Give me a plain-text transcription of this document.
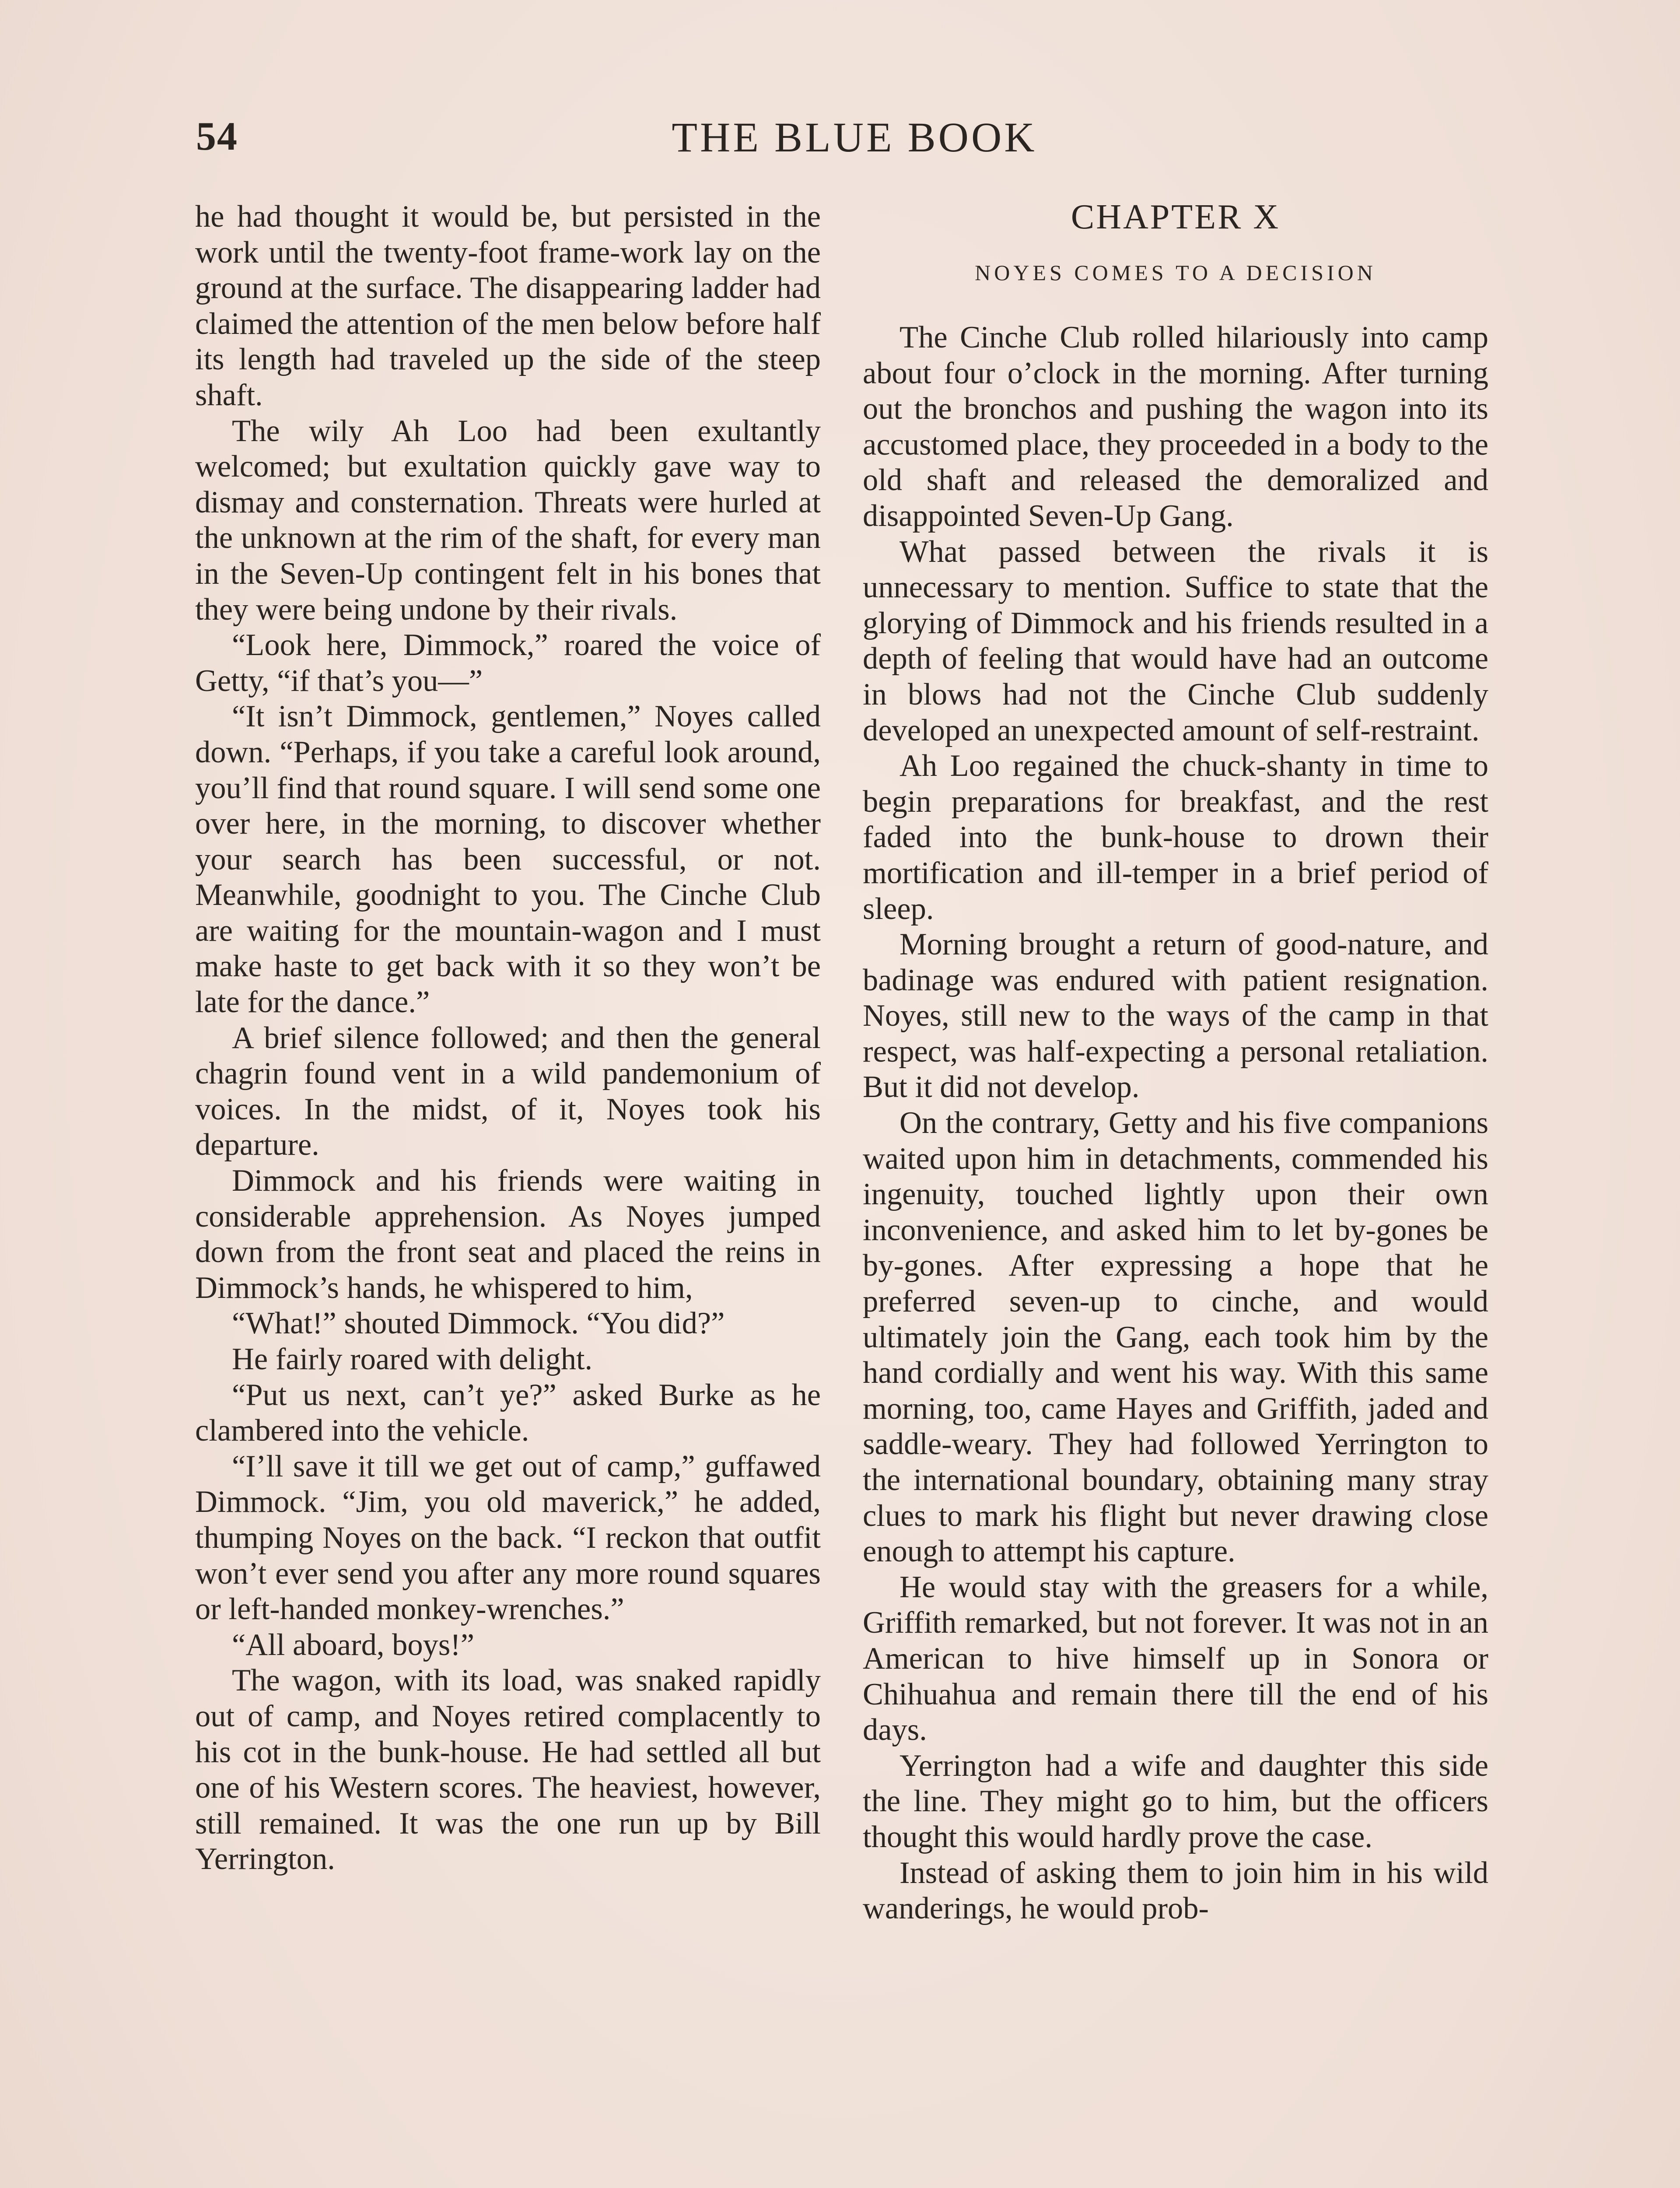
54	THE BLUE BOOK

he had thought it would be, but persisted in the work until the twenty-foot frame-work lay on the ground at the surface. The disappearing ladder had claimed the attention of the men below before half its length had traveled up the side of the steep shaft.

The wily Ah Loo had been exultantly welcomed; but exultation quickly gave way to dismay and consternation. Threats were hurled at the unknown at the rim of the shaft, for every man in the Seven-Up contingent felt in his bones that they were being undone by their rivals.

“Look here, Dimmock,” roared the voice of Getty, “if that’s you—”

“It isn’t Dimmock, gentlemen,” Noyes called down. “Perhaps, if you take a careful look around, you’ll find that round square. I will send some one over here, in the morning, to discover whether your search has been successful, or not. Meanwhile, goodnight to you. The Cinche Club are waiting for the mountain-wagon and I must make haste to get back with it so they won’t be late for the dance.”

A brief silence followed; and then the general chagrin found vent in a wild pandemonium of voices. In the midst, of it, Noyes took his departure.

Dimmock and his friends were waiting in considerable apprehension. As Noyes jumped down from the front seat and placed the reins in Dimmock’s hands, he whispered to him,

“What!” shouted Dimmock. “You did?”

He fairly roared with delight.

“Put us next, can’t ye?” asked Burke as he clambered into the vehicle.

“I’ll save it till we get out of camp,” guffawed Dimmock. “Jim, you old maverick,” he added, thumping Noyes on the back. “I reckon that outfit won’t ever send you after any more round squares or left-handed monkey-wrenches.”

“All aboard, boys!”

The wagon, with its load, was snaked rapidly out of camp, and Noyes retired complacently to his cot in the bunk-house. He had settled all but one of his Western scores. The heaviest, however, still remained. It was the one run up by Bill Yerrington.

CHAPTER X
NOYES COMES TO A DECISION

The Cinche Club rolled hilariously into camp about four o’clock in the morning. After turning out the bronchos and pushing the wagon into its accustomed place, they proceeded in a body to the old shaft and released the demoralized and disappointed Seven-Up Gang.

What passed between the rivals it is unnecessary to mention. Suffice to state that the glorying of Dimmock and his friends resulted in a depth of feeling that would have had an outcome in blows had not the Cinche Club suddenly developed an unexpected amount of self-restraint.

Ah Loo regained the chuck-shanty in time to begin preparations for breakfast, and the rest faded into the bunk-house to drown their mortification and ill-temper in a brief period of sleep.

Morning brought a return of good-nature, and badinage was endured with patient resignation. Noyes, still new to the ways of the camp in that respect, was half-expecting a personal retaliation. But it did not develop.

On the contrary, Getty and his five companions waited upon him in detachments, commended his ingenuity, touched lightly upon their own inconvenience, and asked him to let by-gones be by-gones. After expressing a hope that he preferred seven-up to cinche, and would ultimately join the Gang, each took him by the hand cordially and went his way. With this same morning, too, came Hayes and Griffith, jaded and saddle-weary. They had followed Yerrington to the international boundary, obtaining many stray clues to mark his flight but never drawing close enough to attempt his capture.

He would stay with the greasers for a while, Griffith remarked, but not forever. It was not in an American to hive himself up in Sonora or Chihuahua and remain there till the end of his days.

Yerrington had a wife and daughter this side the line. They might go to him, but the officers thought this would hardly prove the case.

Instead of asking them to join him in his wild wanderings, he would prob-
